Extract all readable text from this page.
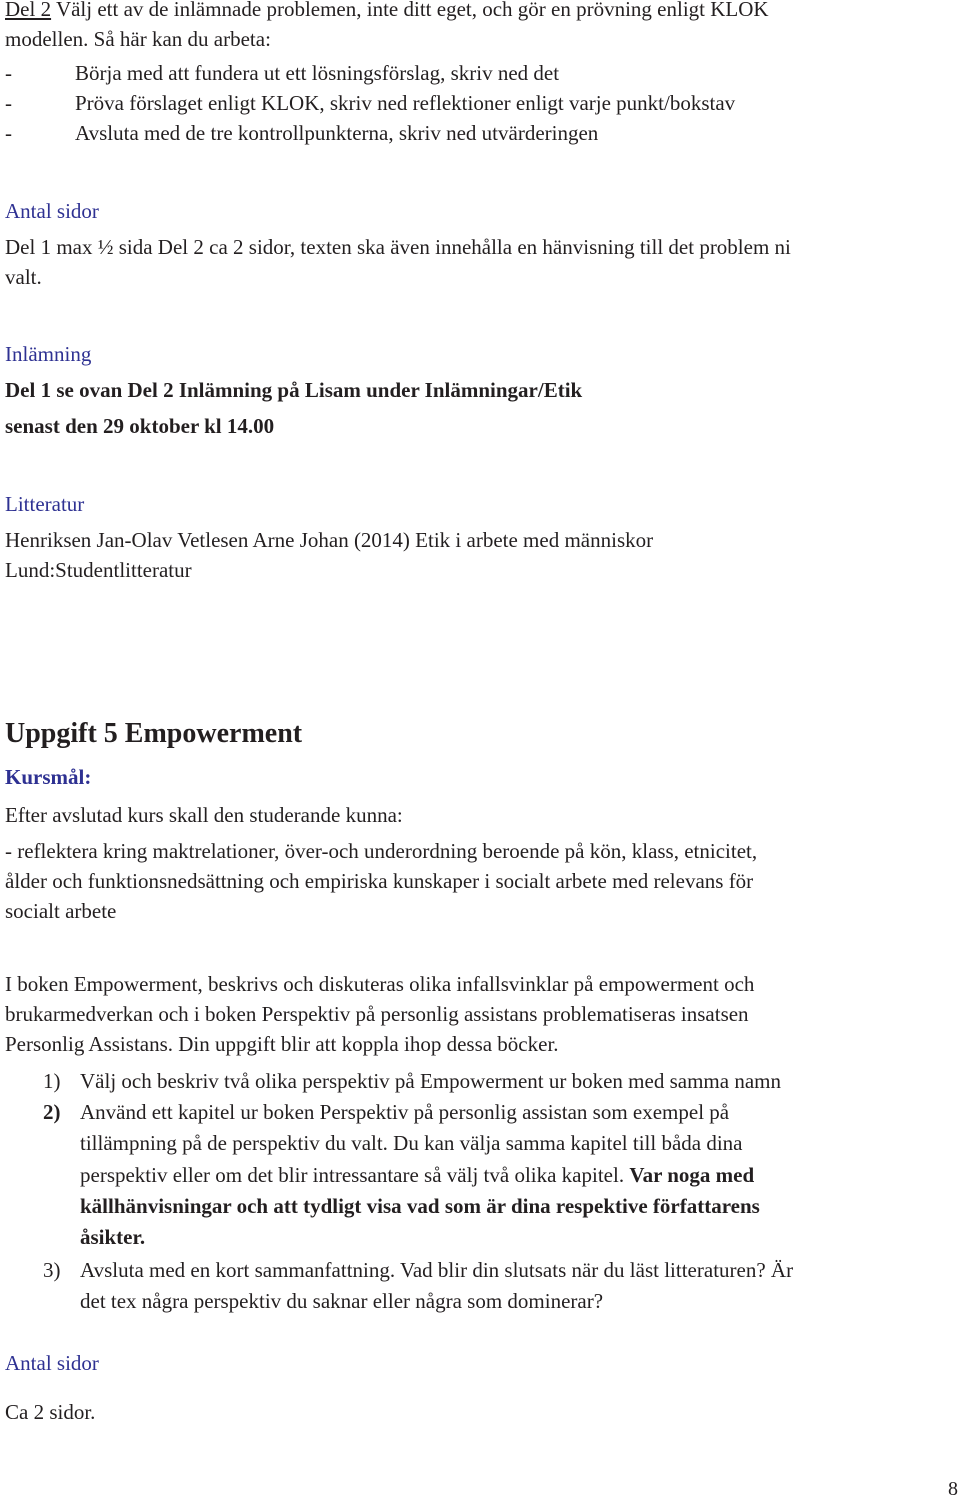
Del 2 Välj ett av de inlämnade problemen, inte ditt eget, och gör en prövning enligt KLOK
modellen. Så här kan du arbeta:
-	Börja med att fundera ut ett lösningsförslag, skriv ned det
-	Pröva förslaget enligt KLOK, skriv ned reflektioner enligt varje punkt/bokstav
-	Avsluta med de tre kontrollpunkterna, skriv ned utvärderingen
Antal sidor
Del 1 max ½ sida Del 2 ca 2 sidor, texten ska även innehålla en hänvisning till det problem ni
valt.
Inlämning
Del 1 se ovan Del 2 Inlämning på Lisam under Inlämningar/Etik
senast den 29 oktober kl 14.00
Litteratur
Henriksen Jan-Olav Vetlesen Arne Johan (2014) Etik i arbete med människor
Lund:Studentlitteratur
Uppgift 5 Empowerment
Kursmål:
Efter avslutad kurs skall den studerande kunna:
- reflektera kring maktrelationer, över-och underordning beroende på kön, klass, etnicitet,
ålder och funktionsnedsättning och empiriska kunskaper i socialt arbete med relevans för
socialt arbete
I boken Empowerment, beskrivs och diskuteras olika infallsvinklar på empowerment och
brukarmedverkan och i boken Perspektiv på personlig assistans problematiseras insatsen
Personlig Assistans. Din uppgift blir att koppla ihop dessa böcker.
1) Välj och beskriv två olika perspektiv på Empowerment ur boken med samma namn
2) Använd ett kapitel ur boken Perspektiv på personlig assistan som exempel på
tillämpning på de perspektiv du valt. Du kan välja samma kapitel till båda dina
perspektiv eller om det blir intressantare så välj två olika kapitel. Var noga med
källhänvisningar och att tydligt visa vad som är dina respektive författarens
åsikter.
3) Avsluta med en kort sammanfattning. Vad blir din slutsats när du läst litteraturen? Är
det tex några perspektiv du saknar eller några som dominerar?
Antal sidor
Ca 2 sidor.
8
